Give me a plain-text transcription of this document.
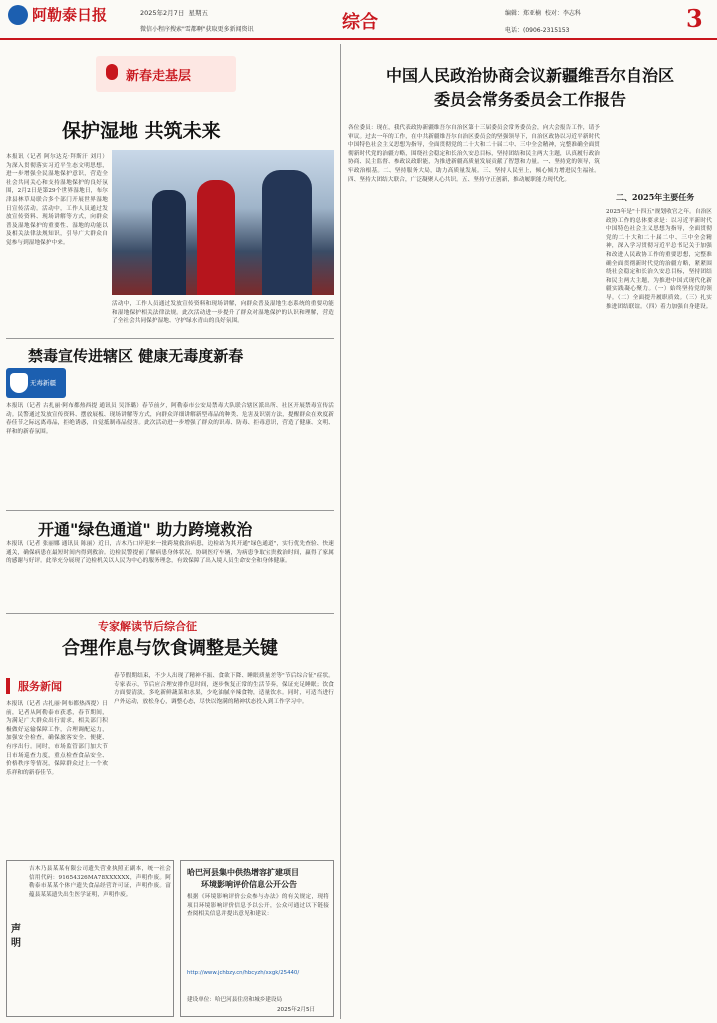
阿勒泰日报	2025年2月7日 星期五
微信小程序搜索"雪都啊"获取更多新闻资讯	综合	编辑：郑亚楠 校对：李志科
电话：(0906-2315153	3
新春走基层
保护湿地 共筑未来
本报讯（记者 阿尔达克·拜斯汗 刘月）为深入贯彻落实习近平生态文明思想，进一步增强全民湿地保护意识，营造全社会共同关心和支持湿地保护的良好氛围，2月2日是第29个世界湿地日，布尔津县林草局联合多个部门开展世界湿地日宣传活动。活动中，工作人员通过发放宣传资料、现场讲解等方式，向群众普及湿地保护的重要性、湿地的功能以及相关法律法规知识，引导广大群众自觉参与到湿地保护中来。
活动中，工作人员通过发放宣传资料和现场讲解，向群众普及湿地生态系统的重要功能和湿地保护相关法律法规。此次活动进一步提升了群众对湿地保护的认识和理解，营造了全社会共同保护湿地、守护绿水青山的良好氛围。
禁毒宣传进辖区 健康无毒度新春
无毒新疆
本报讯（记者 古扎丽·阿布都热西提 通讯员 吴泽璐）春节前夕，阿勒泰市公安局禁毒大队联合辖区派出所、社区开展禁毒宣传活动。民警通过发放宣传资料、摆放展板、现场讲解等方式，向群众详细讲解新型毒品的种类、危害及识别方法，提醒群众在欢度新春佳节之际远离毒品，拒绝诱惑，自觉抵制毒品侵害。此次活动进一步增强了群众的识毒、防毒、拒毒意识，营造了健康、文明、祥和的新春氛围。
开通"绿色通道" 助力跨境救治
本报讯（记者 张丽娜 通讯员 陈丽）近日，吉木乃口岸迎来一批跨境救治病患，边检站为其开通"绿色通道"，实行优先查验、快速通关，确保病患在最短时间内得到救治。边检民警提前了解病患身体状况，协调医疗车辆，为病患争取宝贵救治时间，赢得了家属的感谢与好评。此举充分展现了边检机关以人民为中心的服务理念，有效保障了出入境人员生命安全和身体健康。
专家解读节后综合征
合理作息与饮食调整是关键
服务新闻
本报讯（记者 古扎丽·阿布都热西提）日前，记者从阿勒泰市获悉，春节期间，为满足广大群众出行需求，相关部门积极做好运输保障工作，合理调配运力，加强安全检查，确保旅客安全、便捷、有序出行。同时，市场监管部门加大节日市场巡查力度，重点检查食品安全、价格秩序等情况，保障群众过上一个欢乐祥和的新春佳节。
春节假期结束，不少人出现了精神不振、食欲下降、睡眠质量差等"节后综合征"症状。专家表示，节后应合理安排作息时间，逐步恢复正常的生活节奏，保证充足睡眠；饮食方面要清淡，多吃新鲜蔬菜和水果，少吃油腻辛辣食物，适量饮水。同时，可适当进行户外运动，放松身心，调整心态，尽快以饱满的精神状态投入到工作学习中。
声明
吉木乃县某某有限公司遗失营业执照正副本，统一社会信用代码：91654326MA78XXXXXX，声明作废。阿勒泰市某某个体户遗失食品经营许可证，声明作废。富蕴县某某遗失出生医学证明，声明作废。
哈巴河县集中供热增容扩建项目
环境影响评价信息公开公告
根据《环境影响评价公众参与办法》的有关规定，现将项目环境影响评价信息予以公开，公众可通过以下链接查阅相关信息并提出意见和建议：
http://www.jchbzy.cn/hbcyzh/xxgk/25440/
建设单位：哈巴河县住房和城乡建设局
2025年2月5日
中国人民政治协商会议新疆维吾尔自治区
委员会常务委员会工作报告
各位委员：现在，我代表政协新疆维吾尔自治区第十三届委员会常务委员会，向大会报告工作，请予审议。过去一年的工作，在中共新疆维吾尔自治区委员会的坚强领导下，自治区政协以习近平新时代中国特色社会主义思想为指导，全面贯彻党的二十大和二十届二中、三中全会精神，完整准确全面贯彻新时代党的治疆方略，围绕社会稳定和长治久安总目标，坚持团结和民主两大主题，认真履行政治协商、民主监督、参政议政职能，为推进新疆高质量发展贡献了智慧和力量。一、坚持党的领导，筑牢政治根基。二、坚持服务大局，助力高质量发展。三、坚持人民至上，倾心倾力增进民生福祉。四、坚持大团结大联合，广泛凝聚人心共识。五、坚持守正创新，推动履职能力现代化。
二、2025年主要任务
2025年是"十四五"规划收官之年。自治区政协工作的总体要求是：以习近平新时代中国特色社会主义思想为指导，全面贯彻党的二十大和二十届二中、三中全会精神，深入学习贯彻习近平总书记关于加强和改进人民政协工作的重要思想，完整准确全面贯彻新时代党的治疆方略，紧紧围绕社会稳定和长治久安总目标，坚持团结和民主两大主题，为推进中国式现代化新疆实践凝心聚力。（一）始终坚持党的领导。（二）全面提升履职质效。（三）扎实推进团结联谊。（四）着力加强自身建设。
